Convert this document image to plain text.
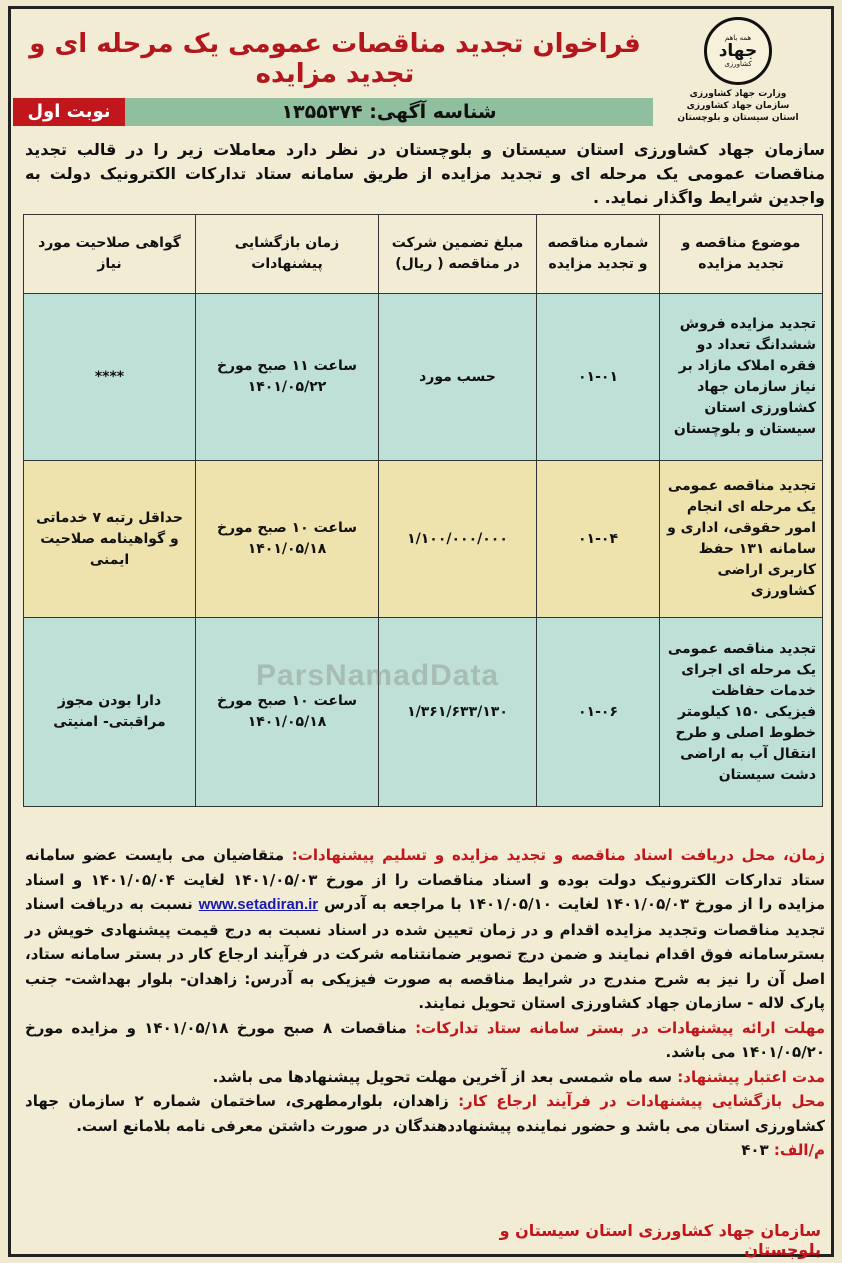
فراخوان تجدید مناقصات عمومی یک مرحله ای و تجدید مزایده
همه باهم
جهاد
کشاورزی
وزارت جهاد کشاورزی
سازمان جهاد کشاورزی
استان سیستان و بلوچستان
نوبت اول	شناسه آگهی: ۱۳۵۵۳۷۴
سازمان جهاد کشاورزی استان سیستان و بلوچستان در نظر دارد معاملات زیر را در قالب تجدید مناقصات عمومی یک مرحله ای و تجدید مزایده از طریق سامانه ستاد تدارکات الکترونیک دولت به واجدین شرایط واگذار نماید. .
موضوع مناقصه و تجدید مزایده	شماره مناقصه و تجدید مزایده	مبلغ تضمین شرکت در مناقصه ( ریال)	زمان بازگشایی پیشنهادات	گواهی صلاحیت مورد نیاز
تجدید مزایده فروش ششدانگ تعداد دو فقره املاک مازاد بر نیاز سازمان جهاد کشاورزی استان سیستان و بلوچستان	۰۱-۰۱	حسب مورد	ساعت ۱۱ صبح مورخ ۱۴۰۱/۰۵/۲۲	****
تجدید مناقصه عمومی یک مرحله ای انجام امور حقوقی، اداری و سامانه ۱۳۱ حفظ کاربری اراضی کشاورزی	۰۱-۰۴	۱/۱۰۰/۰۰۰/۰۰۰	ساعت ۱۰ صبح مورخ ۱۴۰۱/۰۵/۱۸	حداقل رتبه ۷ خدماتی و گواهینامه صلاحیت ایمنی
تجدید مناقصه عمومی یک مرحله ای اجرای خدمات حفاظت فیزیکی ۱۵۰ کیلومتر خطوط اصلی و طرح انتقال آب به اراضی دشت سیستان	۰۱-۰۶	۱/۳۶۱/۶۳۳/۱۳۰	ساعت ۱۰ صبح مورخ ۱۴۰۱/۰۵/۱۸	دارا بودن مجوز مراقبتی- امنیتی
ParsNamadData

زمان، محل دریافت اسناد مناقصه و تجدید مزایده و تسلیم پیشنهادات: متقاضیان می بایست عضو سامانه ستاد تدارکات الکترونیک دولت بوده و اسناد مناقصات را از مورخ ۱۴۰۱/۰۵/۰۳ لغایت ۱۴۰۱/۰۵/۰۴ و اسناد مزایده را از مورخ ۱۴۰۱/۰۵/۰۳ لغایت ۱۴۰۱/۰۵/۱۰ با مراجعه به آدرس www.setadiran.ir نسبت به دریافت اسناد تجدید مناقصات وتجدید مزایده اقدام و در زمان تعیین شده در اسناد نسبت به درج قیمت پیشنهادی خویش در بسترسامانه فوق اقدام نمایند و ضمن درج تصویر ضمانتنامه شرکت در فرآیند ارجاع کار در بستر سامانه ستاد، اصل آن را نیز به شرح مندرج در شرایط مناقصه به صورت فیزیکی به آدرس: زاهدان- بلوار بهداشت- جنب پارک لاله - سازمان جهاد کشاورزی استان تحویل نمایند.

مهلت ارائه پیشنهادات در بستر سامانه ستاد تدارکات: مناقصات ۸ صبح مورخ ۱۴۰۱/۰۵/۱۸ و مزایده مورخ ۱۴۰۱/۰۵/۲۰ می باشد.

مدت اعتبار پیشنهاد: سه ماه شمسی بعد از آخرین مهلت تحویل پیشنهادها می باشد.

محل بازگشایی پیشنهادات در فرآیند ارجاع کار: زاهدان، بلوارمطهری، ساختمان شماره ۲ سازمان جهاد کشاورزی استان می باشد و حضور نماینده پیشنهاددهندگان در صورت داشتن معرفی نامه بلامانع است.

م/الف: ۴۰۳

سازمان جهاد کشاورزی استان سیستان و بلوچستان
